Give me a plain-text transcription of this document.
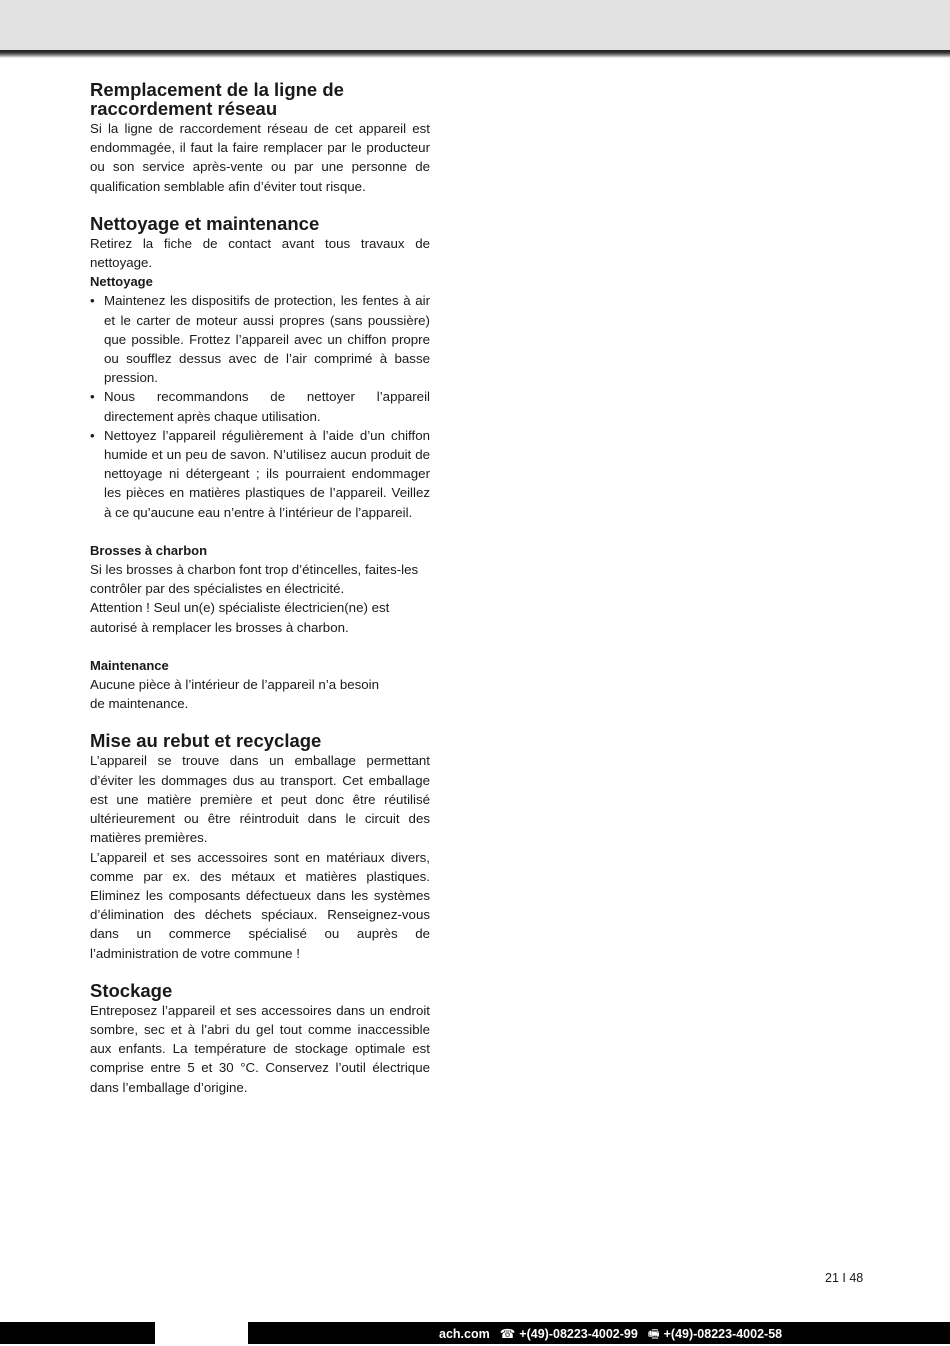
Remplacement de la ligne de raccordement réseau

Si la ligne de raccordement réseau de cet appareil est endommagée, il faut la faire remplacer par le producteur ou son service après-vente ou par une personne de qualification semblable afin d’éviter tout risque.

Nettoyage et maintenance

Retirez la fiche de contact avant tous travaux de nettoyage.

Nettoyage
• Maintenez les dispositifs de protection, les fentes à air et le carter de moteur aussi propres (sans poussière) que possible. Frottez l’appareil avec un chiffon propre ou soufflez dessus avec de l’air comprimé à basse pression.
• Nous recommandons de nettoyer l’appareil directement après chaque utilisation.
• Nettoyez l’appareil régulièrement à l’aide d’un chiffon humide et un peu de savon. N’utilisez aucun produit de nettoyage ni détergeant ; ils pourraient endommager les pièces en matières plastiques de l’appareil. Veillez à ce qu’aucune eau n’entre à l’intérieur de l’appareil.
Brosses à charbon

Si les brosses à charbon font trop d’étincelles, faites-les contrôler par des spécialistes en électricité.

Attention ! Seul un(e) spécialiste électricien(ne) est autorisé à remplacer les brosses à charbon.

Maintenance

Aucune pièce à l’intérieur de l’appareil n’a besoin

de maintenance.

Mise au rebut et recyclage

L’appareil se trouve dans un emballage permettant d’éviter les dommages dus au transport. Cet emballage est une matière première et peut donc être réutilisé ultérieurement ou être réintroduit dans le circuit des matières premières.

L’appareil et ses accessoires sont en matériaux divers, comme par ex. des métaux et matières plastiques. Eliminez les composants défectueux dans les systèmes d’élimination des déchets spéciaux. Renseignez-vous dans un commerce spécialisé ou auprès de l’administration de votre commune !

Stockage

Entreposez l’appareil et ses accessoires dans un endroit sombre, sec et à l’abri du gel tout comme inaccessible aux enfants. La température de stockage optimale est comprise entre 5 et 30 °C. Conservez l’outil électrique dans l’emballage d’origine.

21 I 48
ach.com ☎ +(49)-08223-4002-99 🖷 +(49)-08223-4002-58
